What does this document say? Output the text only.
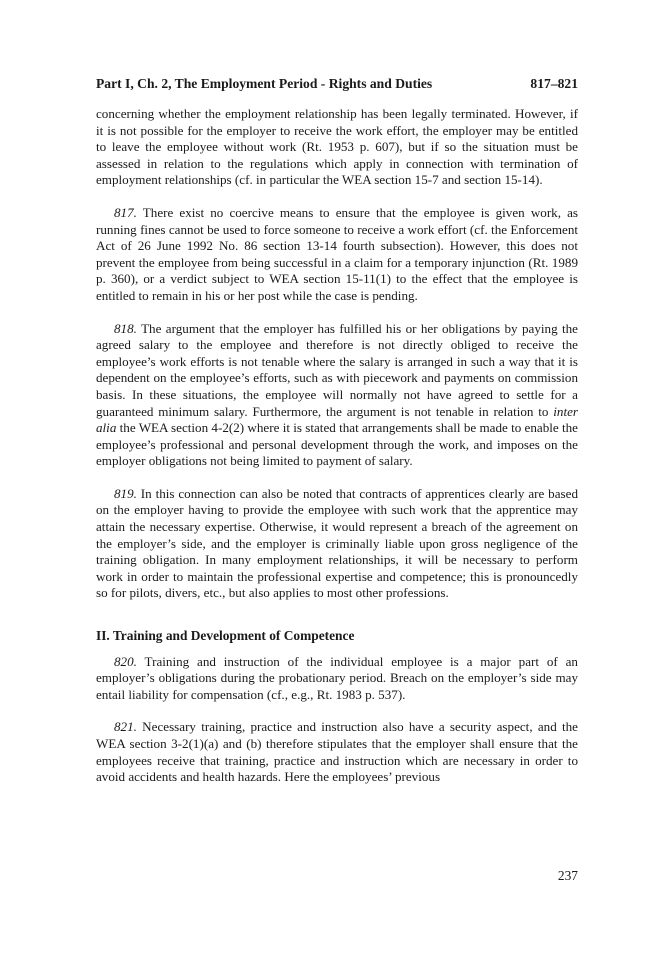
Part I, Ch. 2, The Employment Period - Rights and Duties	817–821

concerning whether the employment relationship has been legally terminated. However, if it is not possible for the employer to receive the work effort, the employer may be entitled to leave the employee without work (Rt. 1953 p. 607), but if so the situation must be assessed in relation to the regulations which apply in connection with termination of employment relationships (cf. in particular the WEA section 15-7 and section 15-14).

817. There exist no coercive means to ensure that the employee is given work, as running fines cannot be used to force someone to receive a work effort (cf. the Enforcement Act of 26 June 1992 No. 86 section 13-14 fourth subsection). However, this does not prevent the employee from being successful in a claim for a temporary injunction (Rt. 1989 p. 360), or a verdict subject to WEA section 15-11(1) to the effect that the employee is entitled to remain in his or her post while the case is pending.

818. The argument that the employer has fulfilled his or her obligations by paying the agreed salary to the employee and therefore is not directly obliged to receive the employee’s work efforts is not tenable where the salary is arranged in such a way that it is dependent on the employee’s efforts, such as with piecework and payments on commission basis. In these situations, the employee will normally not have agreed to settle for a guaranteed minimum salary. Furthermore, the argument is not tenable in relation to inter alia the WEA section 4-2(2) where it is stated that arrangements shall be made to enable the employee’s professional and personal development through the work, and imposes on the employer obligations not being limited to payment of salary.

819. In this connection can also be noted that contracts of apprentices clearly are based on the employer having to provide the employee with such work that the apprentice may attain the necessary expertise. Otherwise, it would represent a breach of the agreement on the employer’s side, and the employer is criminally liable upon gross negligence of the training obligation. In many employment relationships, it will be necessary to perform work in order to maintain the professional expertise and competence; this is pronouncedly so for pilots, divers, etc., but also applies to most other professions.

II. Training and Development of Competence

820. Training and instruction of the individual employee is a major part of an employer’s obligations during the probationary period. Breach on the employer’s side may entail liability for compensation (cf., e.g., Rt. 1983 p. 537).

821. Necessary training, practice and instruction also have a security aspect, and the WEA section 3-2(1)(a) and (b) therefore stipulates that the employer shall ensure that the employees receive that training, practice and instruction which are necessary in order to avoid accidents and health hazards. Here the employees’ previous

237
